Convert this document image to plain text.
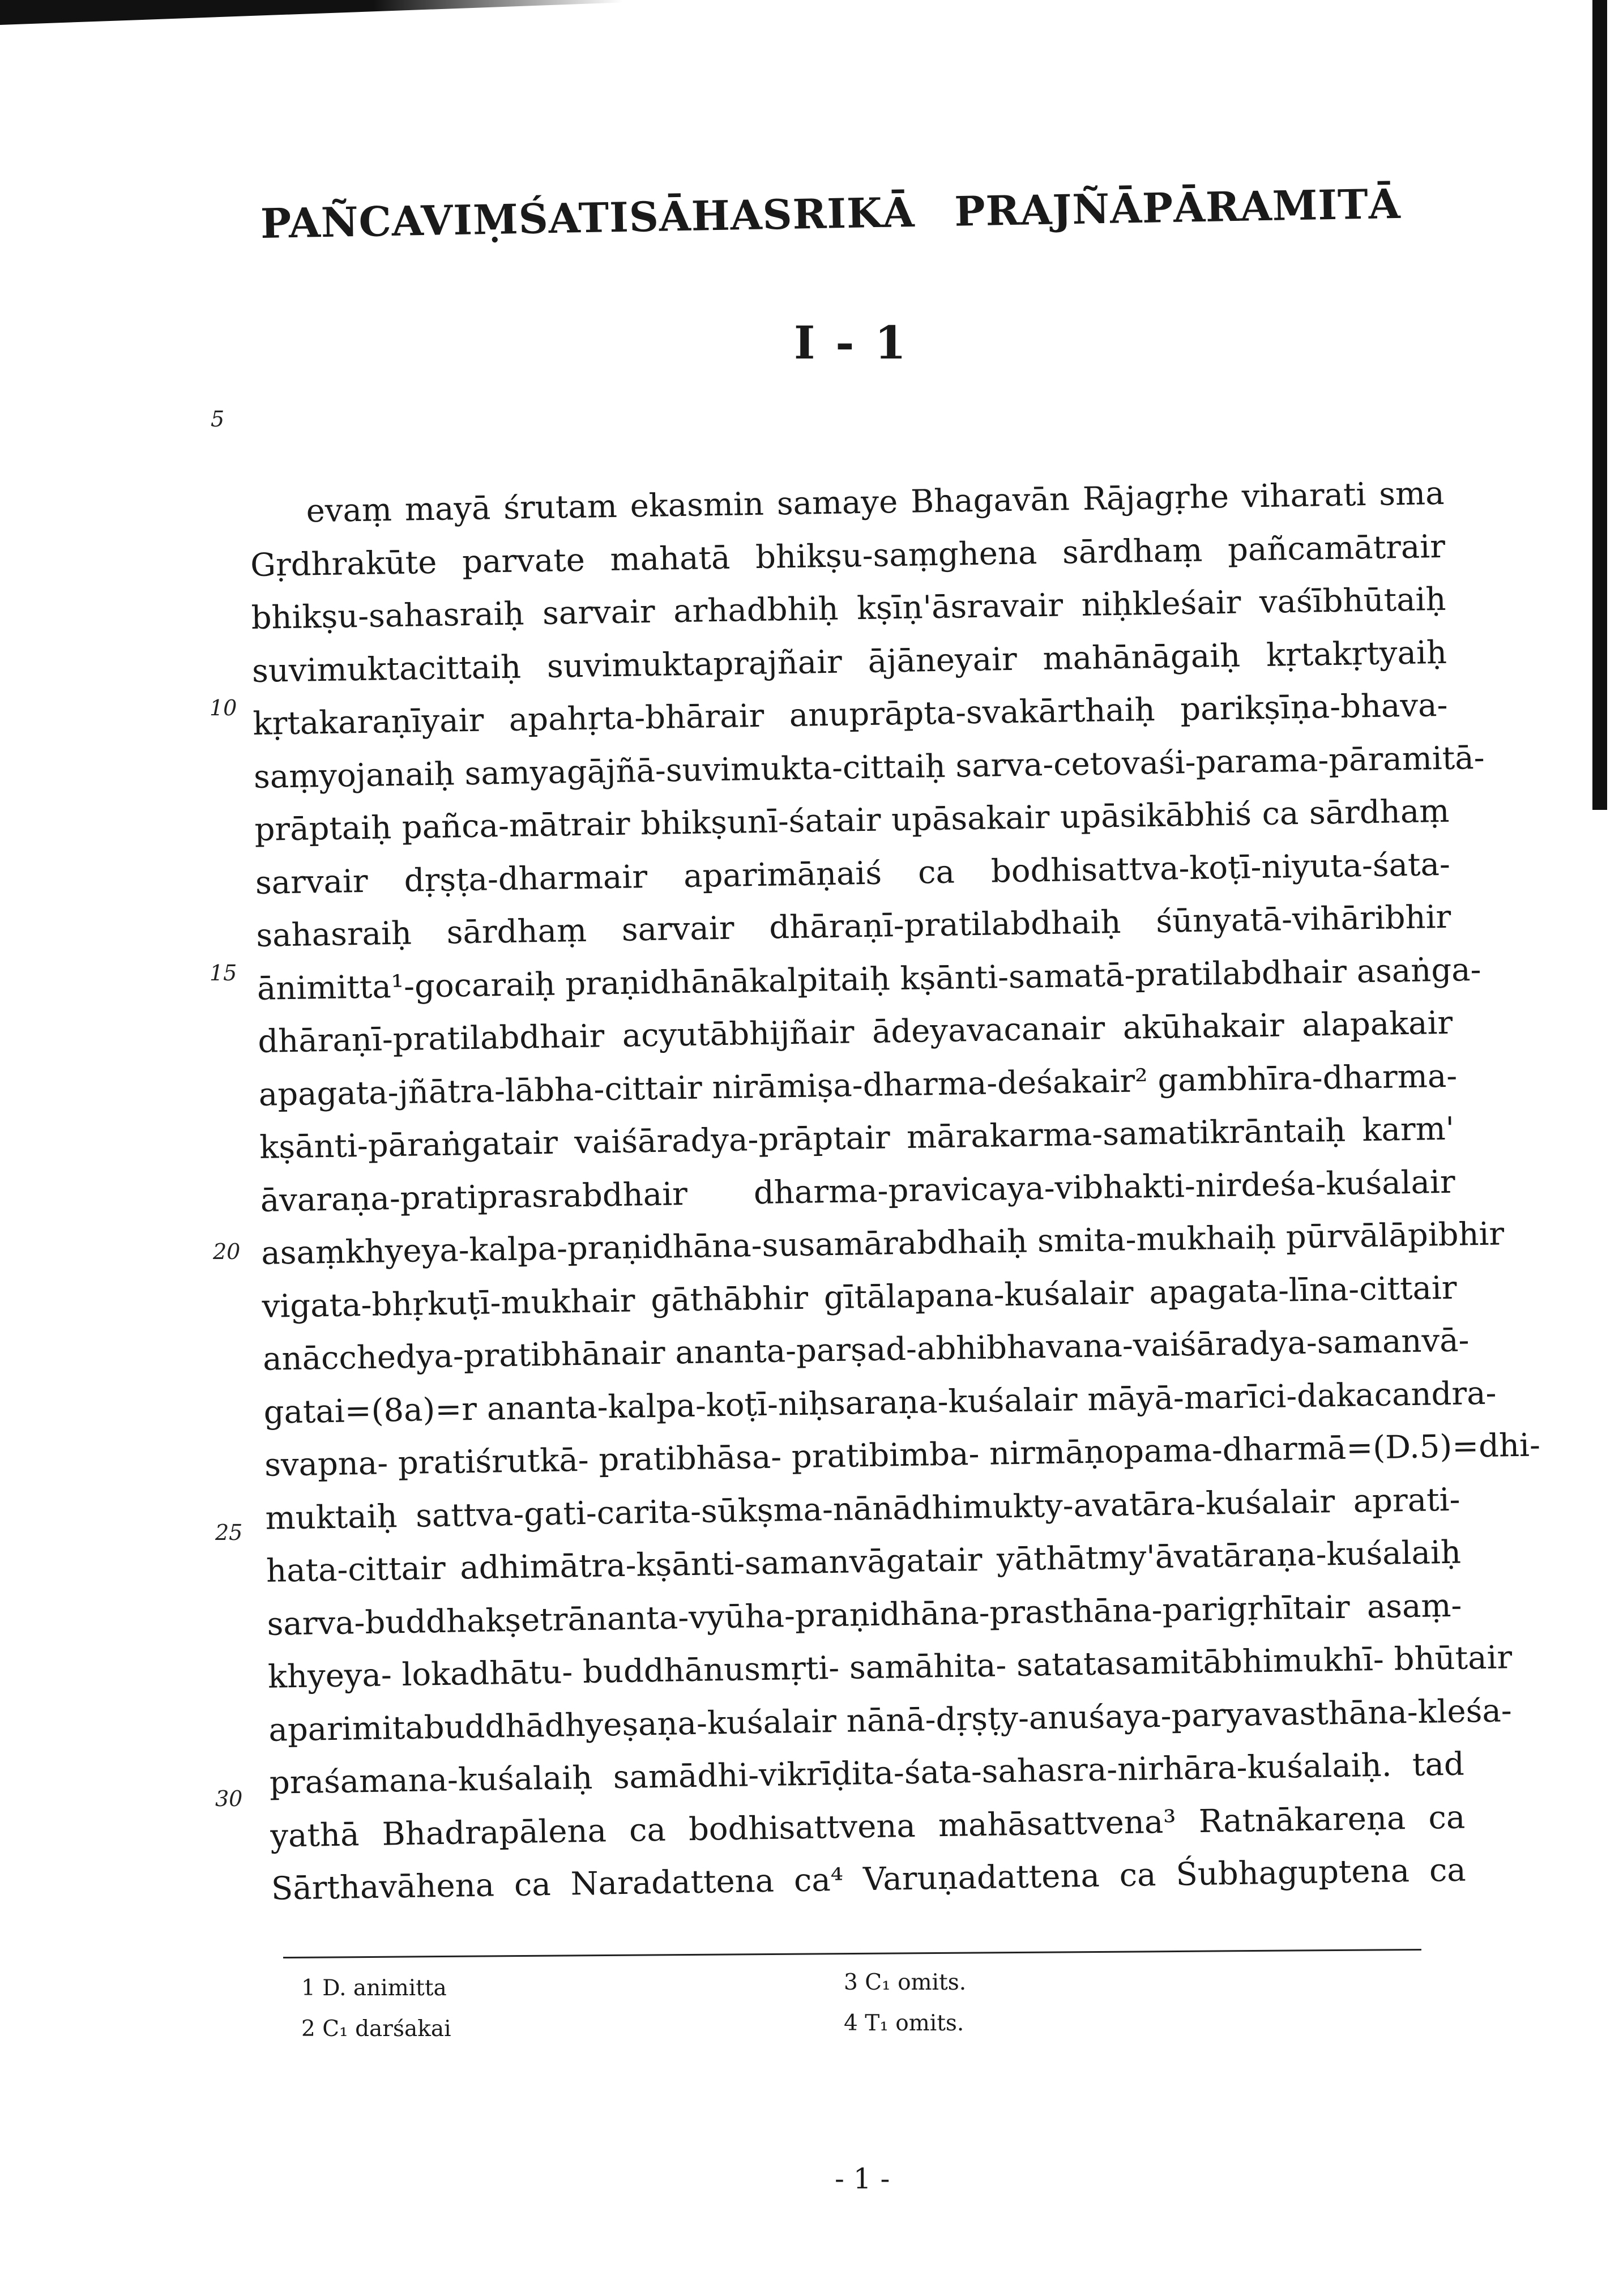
PAÑCAVIṂŚATISĀHASRIKĀ PRAJÑĀPĀRAMITĀ
I - 1
5
10
15
20
25
30
evaṃ mayā śrutam ekasmin samaye Bhagavān Rājagṛhe viharati sma
Gṛdhrakūte parvate mahatā bhikṣu-saṃghena sārdhaṃ pañcamātrair
bhikṣu-sahasraiḥ sarvair arhadbhiḥ kṣīṇ'āsravair niḥkleśair vaśībhūtaiḥ
suvimuktacittaiḥ suvimuktaprajñair ājāneyair mahānāgaiḥ kṛtakṛtyaiḥ
kṛtakaraṇīyair apahṛta-bhārair anuprāpta-svakārthaiḥ parikṣīṇa-bhava-
saṃyojanaiḥ samyagājñā-suvimukta-cittaiḥ sarva-cetovaśi-parama-pāramitā-
prāptaiḥ pañca-mātrair bhikṣunī-śatair upāsakair upāsikābhiś ca sārdhaṃ
sarvair dṛṣṭa-dharmair aparimāṇaiś ca bodhisattva-koṭī-niyuta-śata-
sahasraiḥ sārdhaṃ sarvair dhāraṇī-pratilabdhaiḥ śūnyatā-vihāribhir
ānimitta¹-gocaraiḥ praṇidhānākalpitaiḥ kṣānti-samatā-pratilabdhair asaṅga-
dhāraṇī-pratilabdhair acyutābhijñair ādeyavacanair akūhakair alapakair
apagata-jñātra-lābha-cittair nirāmiṣa-dharma-deśakair² gambhīra-dharma-
kṣānti-pāraṅgatair vaiśāradya-prāptair mārakarma-samatikrāntaiḥ karm'
āvaraṇa-pratiprasrabdhair dharma-pravicaya-vibhakti-nirdeśa-kuśalair
asaṃkhyeya-kalpa-praṇidhāna-susamārabdhaiḥ smita-mukhaiḥ pūrvālāpibhir
vigata-bhṛkuṭī-mukhair gāthābhir gītālapana-kuśalair apagata-līna-cittair
anācchedya-pratibhānair ananta-parṣad-abhibhavana-vaiśāradya-samanvā-
gatai=(8a)=r ananta-kalpa-koṭī-niḥsaraṇa-kuśalair māyā-marīci-dakacandra-
svapna- pratiśrutkā- pratibhāsa- pratibimba- nirmāṇopama-dharmā=(D.5)=dhi-
muktaiḥ sattva-gati-carita-sūkṣma-nānādhimukty-avatāra-kuśalair aprati-
hata-cittair adhimātra-kṣānti-samanvāgatair yāthātmy'āvatāraṇa-kuśalaiḥ
sarva-buddhakṣetrānanta-vyūha-praṇidhāna-prasthāna-parigṛhītair asaṃ-
khyeya- lokadhātu- buddhānusmṛti- samāhita- satatasamitābhimukhī- bhūtair
aparimitabuddhādhyeṣaṇa-kuśalair nānā-dṛṣṭy-anuśaya-paryavasthāna-kleśa-
praśamana-kuśalaiḥ samādhi-vikrīḍita-śata-sahasra-nirhāra-kuśalaiḥ. tad
yathā Bhadrapālena ca bodhisattvena mahāsattvena³ Ratnākareṇa ca
Sārthavāhena ca Naradattena ca⁴ Varuṇadattena ca Śubhaguptena ca
1 D. animitta
2 C₁ darśakai
3 C₁ omits.
4 T₁ omits.
- 1 -
